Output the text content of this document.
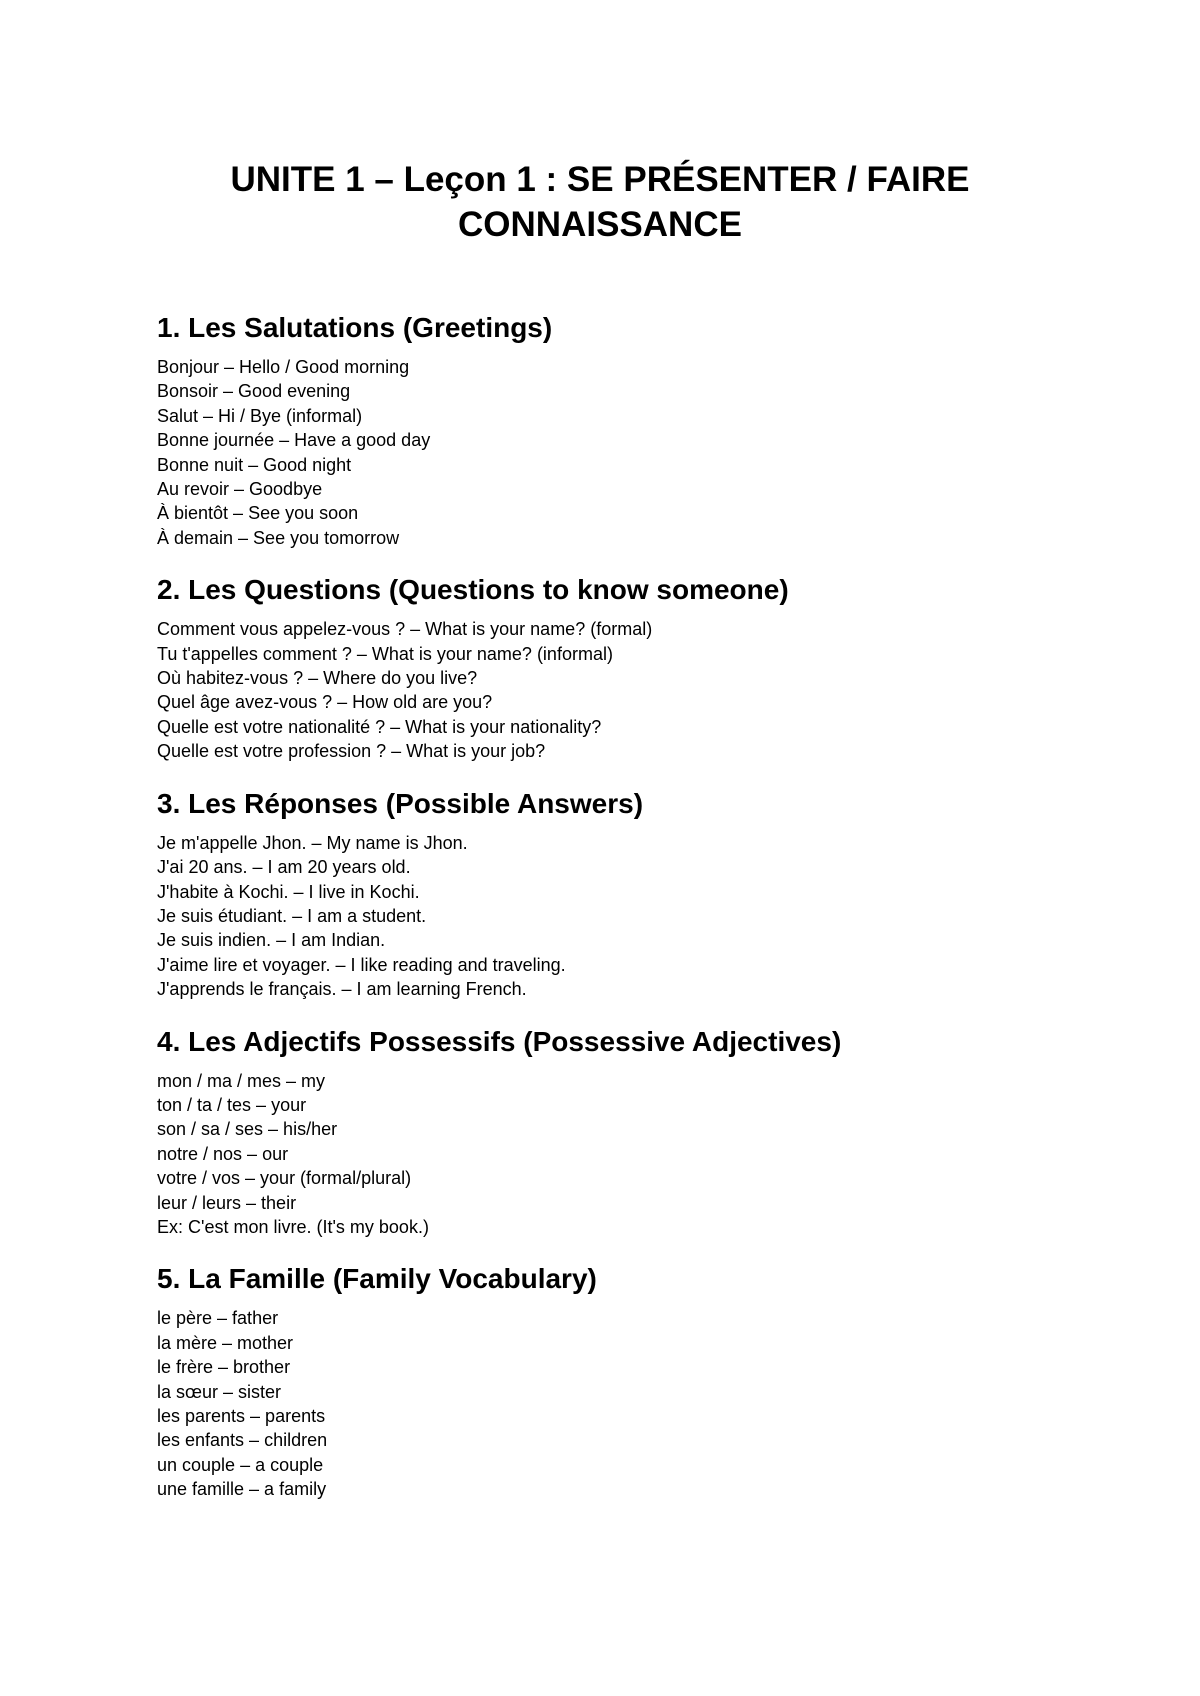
UNITE 1 – Leçon 1 : SE PRÉSENTER / FAIRE
CONNAISSANCE
1. Les Salutations (Greetings)
Bonjour – Hello / Good morning
Bonsoir – Good evening
Salut – Hi / Bye (informal)
Bonne journée – Have a good day
Bonne nuit – Good night
Au revoir – Goodbye
À bientôt – See you soon
À demain – See you tomorrow
2. Les Questions (Questions to know someone)
Comment vous appelez-vous ? – What is your name? (formal)
Tu t'appelles comment ? – What is your name? (informal)
Où habitez-vous ? – Where do you live?
Quel âge avez-vous ? – How old are you?
Quelle est votre nationalité ? – What is your nationality?
Quelle est votre profession ? – What is your job?
3. Les Réponses (Possible Answers)
Je m'appelle Jhon. – My name is Jhon.
J'ai 20 ans. – I am 20 years old.
J'habite à Kochi. – I live in Kochi.
Je suis étudiant. – I am a student.
Je suis indien. – I am Indian.
J'aime lire et voyager. – I like reading and traveling.
J'apprends le français. – I am learning French.
4. Les Adjectifs Possessifs (Possessive Adjectives)
mon / ma / mes – my
ton / ta / tes – your
son / sa / ses – his/her
notre / nos – our
votre / vos – your (formal/plural)
leur / leurs – their
Ex: C'est mon livre. (It's my book.)
5. La Famille (Family Vocabulary)
le père – father
la mère – mother
le frère – brother
la sœur – sister
les parents – parents
les enfants – children
un couple – a couple
une famille – a family
